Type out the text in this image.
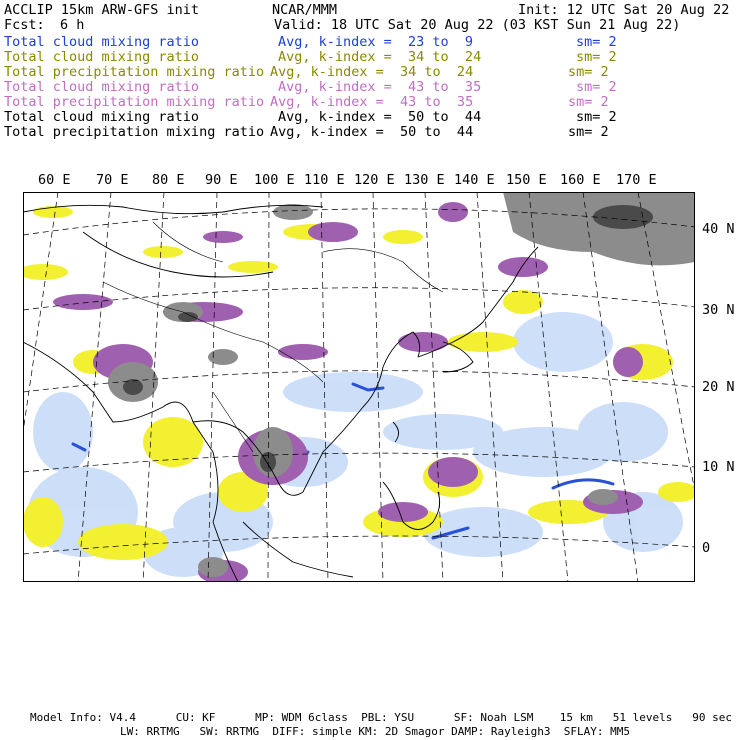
ACCLIP 15km ARW-GFS init	NCAR/MMM	Init: 12 UTC Sat 20 Aug 22
Fcst: 6 h	Valid: 18 UTC Sat 20 Aug 22 (03 KST Sun 21 Aug 22)
Total cloud mixing ratio	Avg, k-index =  23 to  9	sm= 2
Total cloud mixing ratio	Avg, k-index =  34 to  24	sm= 2
Total precipitation mixing ratio Avg, k-index =  34 to  24	sm= 2
Total cloud mixing ratio	Avg, k-index =  43 to  35	sm= 2
Total precipitation mixing ratio Avg, k-index =  43 to  35	sm= 2
Total cloud mixing ratio	Avg, k-index =  50 to  44	sm= 2
Total precipitation mixing ratio Avg, k-index =  50 to  44	sm= 2
60 E 70 E 80 E 90 E 100 E 110 E 120 E 130 E 140 E 150 E 160 E 170 E
40 N
30 N
20 N
10 N
0
Model Info: V4.4      CU: KF      MP: WDM 6class  PBL: YSU      SF: Noah LSM    15 km   51 levels   90 sec
LW: RRTMG   SW: RRTMG  DIFF: simple KM: 2D Smagor DAMP: Rayleigh3  SFLAY: MM5
